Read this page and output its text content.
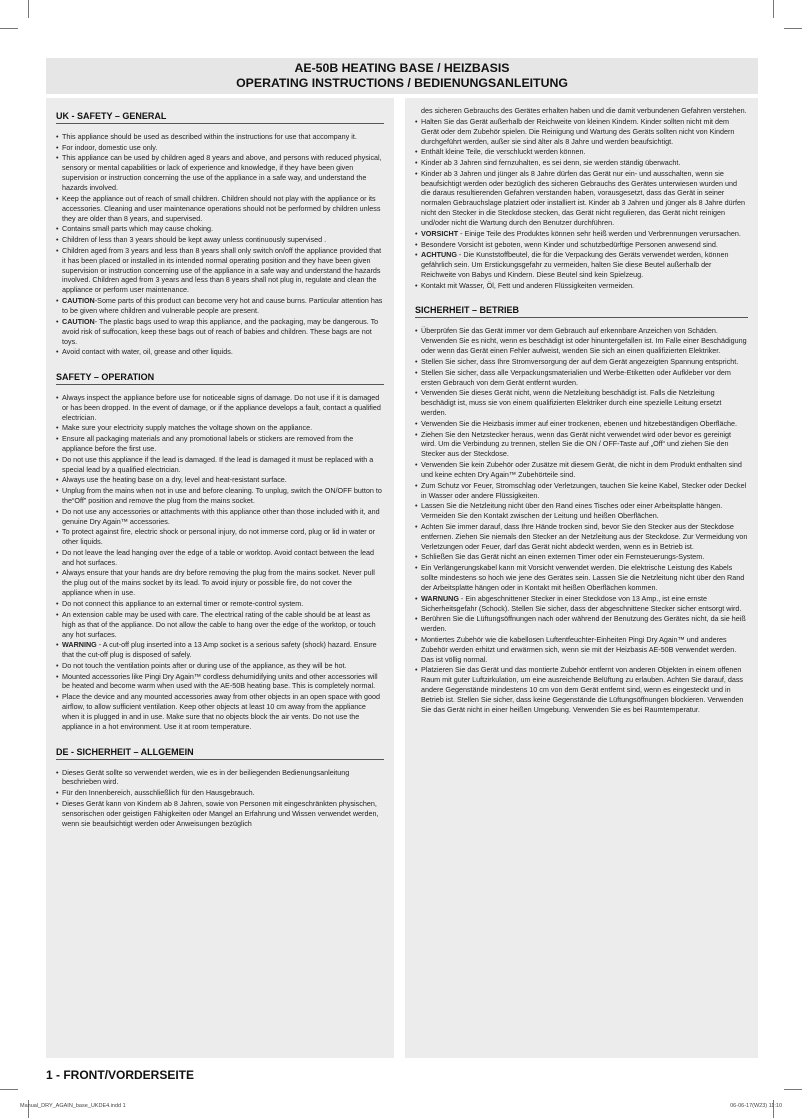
AE-50B HEATING BASE / HEIZBASIS
OPERATING INSTRUCTIONS / BEDIENUNGSANLEITUNG
UK - SAFETY – GENERAL
• This appliance should be used as described within the instructions for use that accompany it.
• For indoor, domestic use only.
• This appliance can be used by children aged 8 years and above, and persons with reduced physical, sensory or mental capabilities or lack of experience and knowledge, if they have been given supervision or instruction concerning the use of the appliance in a safe way, and understand the hazards involved.
• Keep the appliance out of reach of small children. Children should not play with the appliance or its accessories. Cleaning and user maintenance operations should not be performed by children unless they are older than 8 years, and supervised.
• Contains small parts which may cause choking.
• Children of less than 3 years should be kept away unless continuously supervised .
• Children aged from 3 years and less than 8 years shall only switch on/off the appliance provided that it has been placed or installed in its intended normal operating position and they have been given supervision or instruction concerning use of the appliance in a safe way and understand the hazards involved. Children aged from 3 years and less than 8 years shall not plug in, regulate and clean the appliance or perform user maintenance.
• CAUTION-Some parts of this product can become very hot and cause burns. Particular attention has to be given where children and vulnerable people are present.
• CAUTION- The plastic bags used to wrap this appliance, and the packaging, may be dangerous. To avoid risk of suffocation, keep these bags out of reach of babies and children. These bags are not toys.
• Avoid contact with water, oil, grease and other liquids.
SAFETY – OPERATION
• Always inspect the appliance before use for noticeable signs of damage. Do not use if it is damaged or has been dropped. In the event of damage, or if the appliance develops a fault, contact a qualified electrician.
• Make sure your electricity supply matches the voltage shown on the appliance.
• Ensure all packaging materials and any promotional labels or stickers are removed from the appliance before the first use.
• Do not use this appliance if the lead is damaged. If the lead is damaged it must be replaced with a special lead by a qualified electrician.
• Always use the heating base on a dry, level and heat-resistant surface.
• Unplug from the mains when not in use and before cleaning. To unplug, switch the ON/OFF button to the“Off” position and remove the plug from the mains socket.
• Do not use any accessories or attachments with this appliance other than those included with it, and genuine Dry Again™ accessories.
• To protect against fire, electric shock or personal injury, do not immerse cord, plug or lid in water or other liquids.
• Do not leave the lead hanging over the edge of a table or worktop. Avoid contact between the lead and hot surfaces.
• Always ensure that your hands are dry before removing the plug from the mains socket. Never pull the plug out of the mains socket by its lead. To avoid injury or possible fire, do not cover the appliance when in use.
• Do not connect this appliance to an external timer or remote-control system.
• An extension cable may be used with care. The electrical rating of the cable should be at least as high as that of the appliance. Do not allow the cable to hang over the edge of the worktop, or touch any hot surfaces.
• WARNING - A cut-off plug inserted into a 13 Amp socket is a serious safety (shock) hazard. Ensure that the cut-off plug is disposed of safely.
• Do not touch the ventilation points after or during use of the appliance, as they will be hot.
• Mounted accessories like Pingi Dry Again™ cordless dehumidifying units and other accessories will be heated and become warm when used with the AE-50B heating base. This is completely normal.
• Place the device and any mounted accessories away from other objects in an open space with good airflow, to allow sufficient ventilation. Keep other objects at least 10 cm away from the appliance when it is plugged in and in use. Make sure that no objects block the air vents. Do not use the appliance in a hot environment. Use it at room temperature.
DE - SICHERHEIT – ALLGEMEIN
• Dieses Gerät sollte so verwendet werden, wie es in der beiliegenden Bedienungsanleitung beschrieben wird.
• Für den Innenbereich, ausschließlich für den Hausgebrauch.
• Dieses Gerät kann von Kindern ab 8 Jahren, sowie von Personen mit eingeschränkten physischen, sensorischen oder geistigen Fähigkeiten oder Mangel an Erfahrung und Wissen verwendet werden, wenn sie beaufsichtigt werden oder Anweisungen bezüglich
des sicheren Gebrauchs des Gerätes erhalten haben und die damit verbundenen Gefahren verstehen.
• Halten Sie das Gerät außerhalb der Reichweite von kleinen Kindern. Kinder sollten nicht mit dem Gerät oder dem Zubehör spielen. Die Reinigung und Wartung des Geräts sollten nicht von Kindern durchgeführt werden, außer sie sind älter als 8 Jahre und werden beaufsichtigt.
• Enthält kleine Teile, die verschluckt werden können.
• Kinder ab 3 Jahren sind fernzuhalten, es sei denn, sie werden ständig überwacht.
• Kinder ab 3 Jahren und jünger als 8 Jahre dürfen das Gerät nur ein- und ausschalten, wenn sie beaufsichtigt werden oder bezüglich des sicheren Gebrauchs des Gerätes unterwiesen wurden und die daraus resultierenden Gefahren verstanden haben, vorausgesetzt, dass das Gerät in seiner normalen Gebrauchslage platziert oder installiert ist. Kinder ab 3 Jahren und jünger als 8 Jahre dürfen nicht den Stecker in die Steckdose stecken, das Gerät nicht regulieren, das Gerät nicht reinigen und/oder nicht die Wartung durch den Benutzer durchführen.
• VORSICHT - Einige Teile des Produktes können sehr heiß werden und Verbrennungen verursachen.
• Besondere Vorsicht ist geboten, wenn Kinder und schutzbedürftige Personen anwesend sind.
• ACHTUNG - Die Kunststoffbeutel, die für die Verpackung des Geräts verwendet werden, können gefährlich sein. Um Erstickungsgefahr zu vermeiden, halten Sie diese Beutel außerhalb der Reichweite von Babys und Kindern. Diese Beutel sind kein Spielzeug.
• Kontakt mit Wasser, Öl, Fett und anderen Flüssigkeiten vermeiden.
SICHERHEIT – BETRIEB
• Überprüfen Sie das Gerät immer vor dem Gebrauch auf erkennbare Anzeichen von Schäden. Verwenden Sie es nicht, wenn es beschädigt ist oder hinuntergefallen ist. Im Falle einer Beschädigung oder wenn das Gerät einen Fehler aufweist, wenden Sie sich an einen qualifizierten Elektriker.
• Stellen Sie sicher, dass Ihre Stromversorgung der auf dem Gerät angezeigten Spannung entspricht.
• Stellen Sie sicher, dass alle Verpackungsmaterialien und Werbe-Etiketten oder Aufkleber vor dem ersten Gebrauch von dem Gerät entfernt wurden.
• Verwenden Sie dieses Gerät nicht, wenn die Netzleitung beschädigt ist. Falls die Netzleitung beschädigt ist, muss sie von einem qualifizierten Elektriker durch eine spezielle Leitung ersetzt werden.
• Verwenden Sie die Heizbasis immer auf einer trockenen, ebenen und hitzebeständigen Oberfläche.
• Ziehen Sie den Netzstecker heraus, wenn das Gerät nicht verwendet wird oder bevor es gereinigt wird. Um die Verbindung zu trennen, stellen Sie die ON / OFF-Taste auf „Off“ und ziehen Sie den Stecker aus der Steckdose.
• Verwenden Sie kein Zubehör oder Zusätze mit diesem Gerät, die nicht in dem Produkt enthalten sind und keine echten Dry Again™ Zubehörteile sind.
• Zum Schutz vor Feuer, Stromschlag oder Verletzungen, tauchen Sie keine Kabel, Stecker oder Deckel in Wasser oder andere Flüssigkeiten.
• Lassen Sie die Netzleitung nicht über den Rand eines Tisches oder einer Arbeitsplatte hängen. Vermeiden Sie den Kontakt zwischen der Leitung und heißen Oberflächen.
• Achten Sie immer darauf, dass Ihre Hände trocken sind, bevor Sie den Stecker aus der Steckdose entfernen. Ziehen Sie niemals den Stecker an der Netzleitung aus der Steckdose. Zur Vermeidung von Verletzungen oder Feuer, darf das Gerät nicht abdeckt werden, wenn es in Betrieb ist.
• Schließen Sie das Gerät nicht an einen externen Timer oder ein Fernsteuerungs-System.
• Ein Verlängerungskabel kann mit Vorsicht verwendet werden. Die elektrische Leistung des Kabels sollte mindestens so hoch wie jene des Gerätes sein. Lassen Sie die Netzleitung nicht über den Rand der Arbeitsplatte hängen oder in Kontakt mit heißen Oberflächen kommen.
• WARNUNG - Ein abgeschnittener Stecker in einer Steckdose von 13 Amp., ist eine ernste Sicherheitsgefahr (Schock). Stellen Sie sicher, dass der abgeschnittene Stecker sicher entsorgt wird.
• Berühren Sie die Lüftungsöffnungen nach oder während der Benutzung des Gerätes nicht, da sie heiß werden.
• Montiertes Zubehör wie die kabellosen Luftentfeuchter-Einheiten Pingi Dry Again™ und anderes Zubehör werden erhitzt und erwärmen sich, wenn sie mit der Heizbasis AE-50B verwendet werden. Das ist völlig normal.
• Platzieren Sie das Gerät und das montierte Zubehör entfernt von anderen Objekten in einem offenen Raum mit guter Luftzirkulation, um eine ausreichende Belüftung zu erlauben. Achten Sie darauf, dass andere Gegenstände mindestens 10 cm von dem Gerät entfernt sind, wenn es eingesteckt und in Betrieb ist. Stellen Sie sicher, dass keine Gegenstände die Lüftungsöffnungen blockieren. Verwenden Sie das Gerät nicht in einer heißen Umgebung. Verwenden Sie es bei Raumtemperatur.
1 - FRONT/VORDERSEITE
Manual_DRY_AGAIN_base_UKDE4.indd 1	06-06-17(W23) 11:10
